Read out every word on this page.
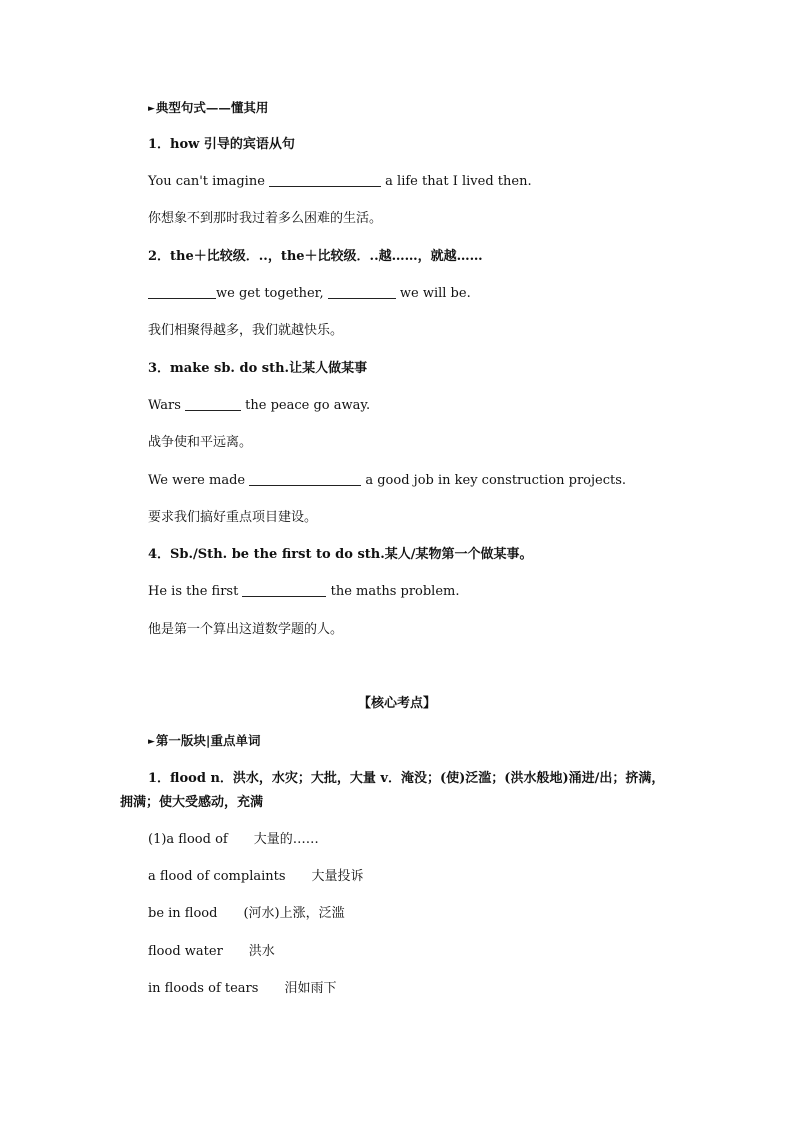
►典型句式——懂其用
1．how 引导的宾语从句
You can't imagine	a life that I lived then.
你想象不到那时我过着多么困难的生活。
2．the＋比较级．..，the＋比较级．..越……，就越……
we get together,	we will be.
我们相聚得越多，我们就越快乐。
3．make sb. do sth.让某人做某事
Wars	the peace go away.
战争使和平远离。
We were made	a good job in key construction projects.
要求我们搞好重点项目建设。
4．Sb./Sth. be the first to do sth.某人/某物第一个做某事。
He is the first	the maths problem.
他是第一个算出这道数学题的人。
【核心考点】
►第一版块|重点单词
1．flood n．洪水，水灾；大批，大量 v．淹没；(使)泛滥；(洪水般地)涌进/出；挤满，
拥满；使大受感动，充满
(1)a flood of 大量的……
a flood of complaints 大量投诉
be in flood (河水)上涨，泛滥
flood water 洪水
in floods of tears 泪如雨下
